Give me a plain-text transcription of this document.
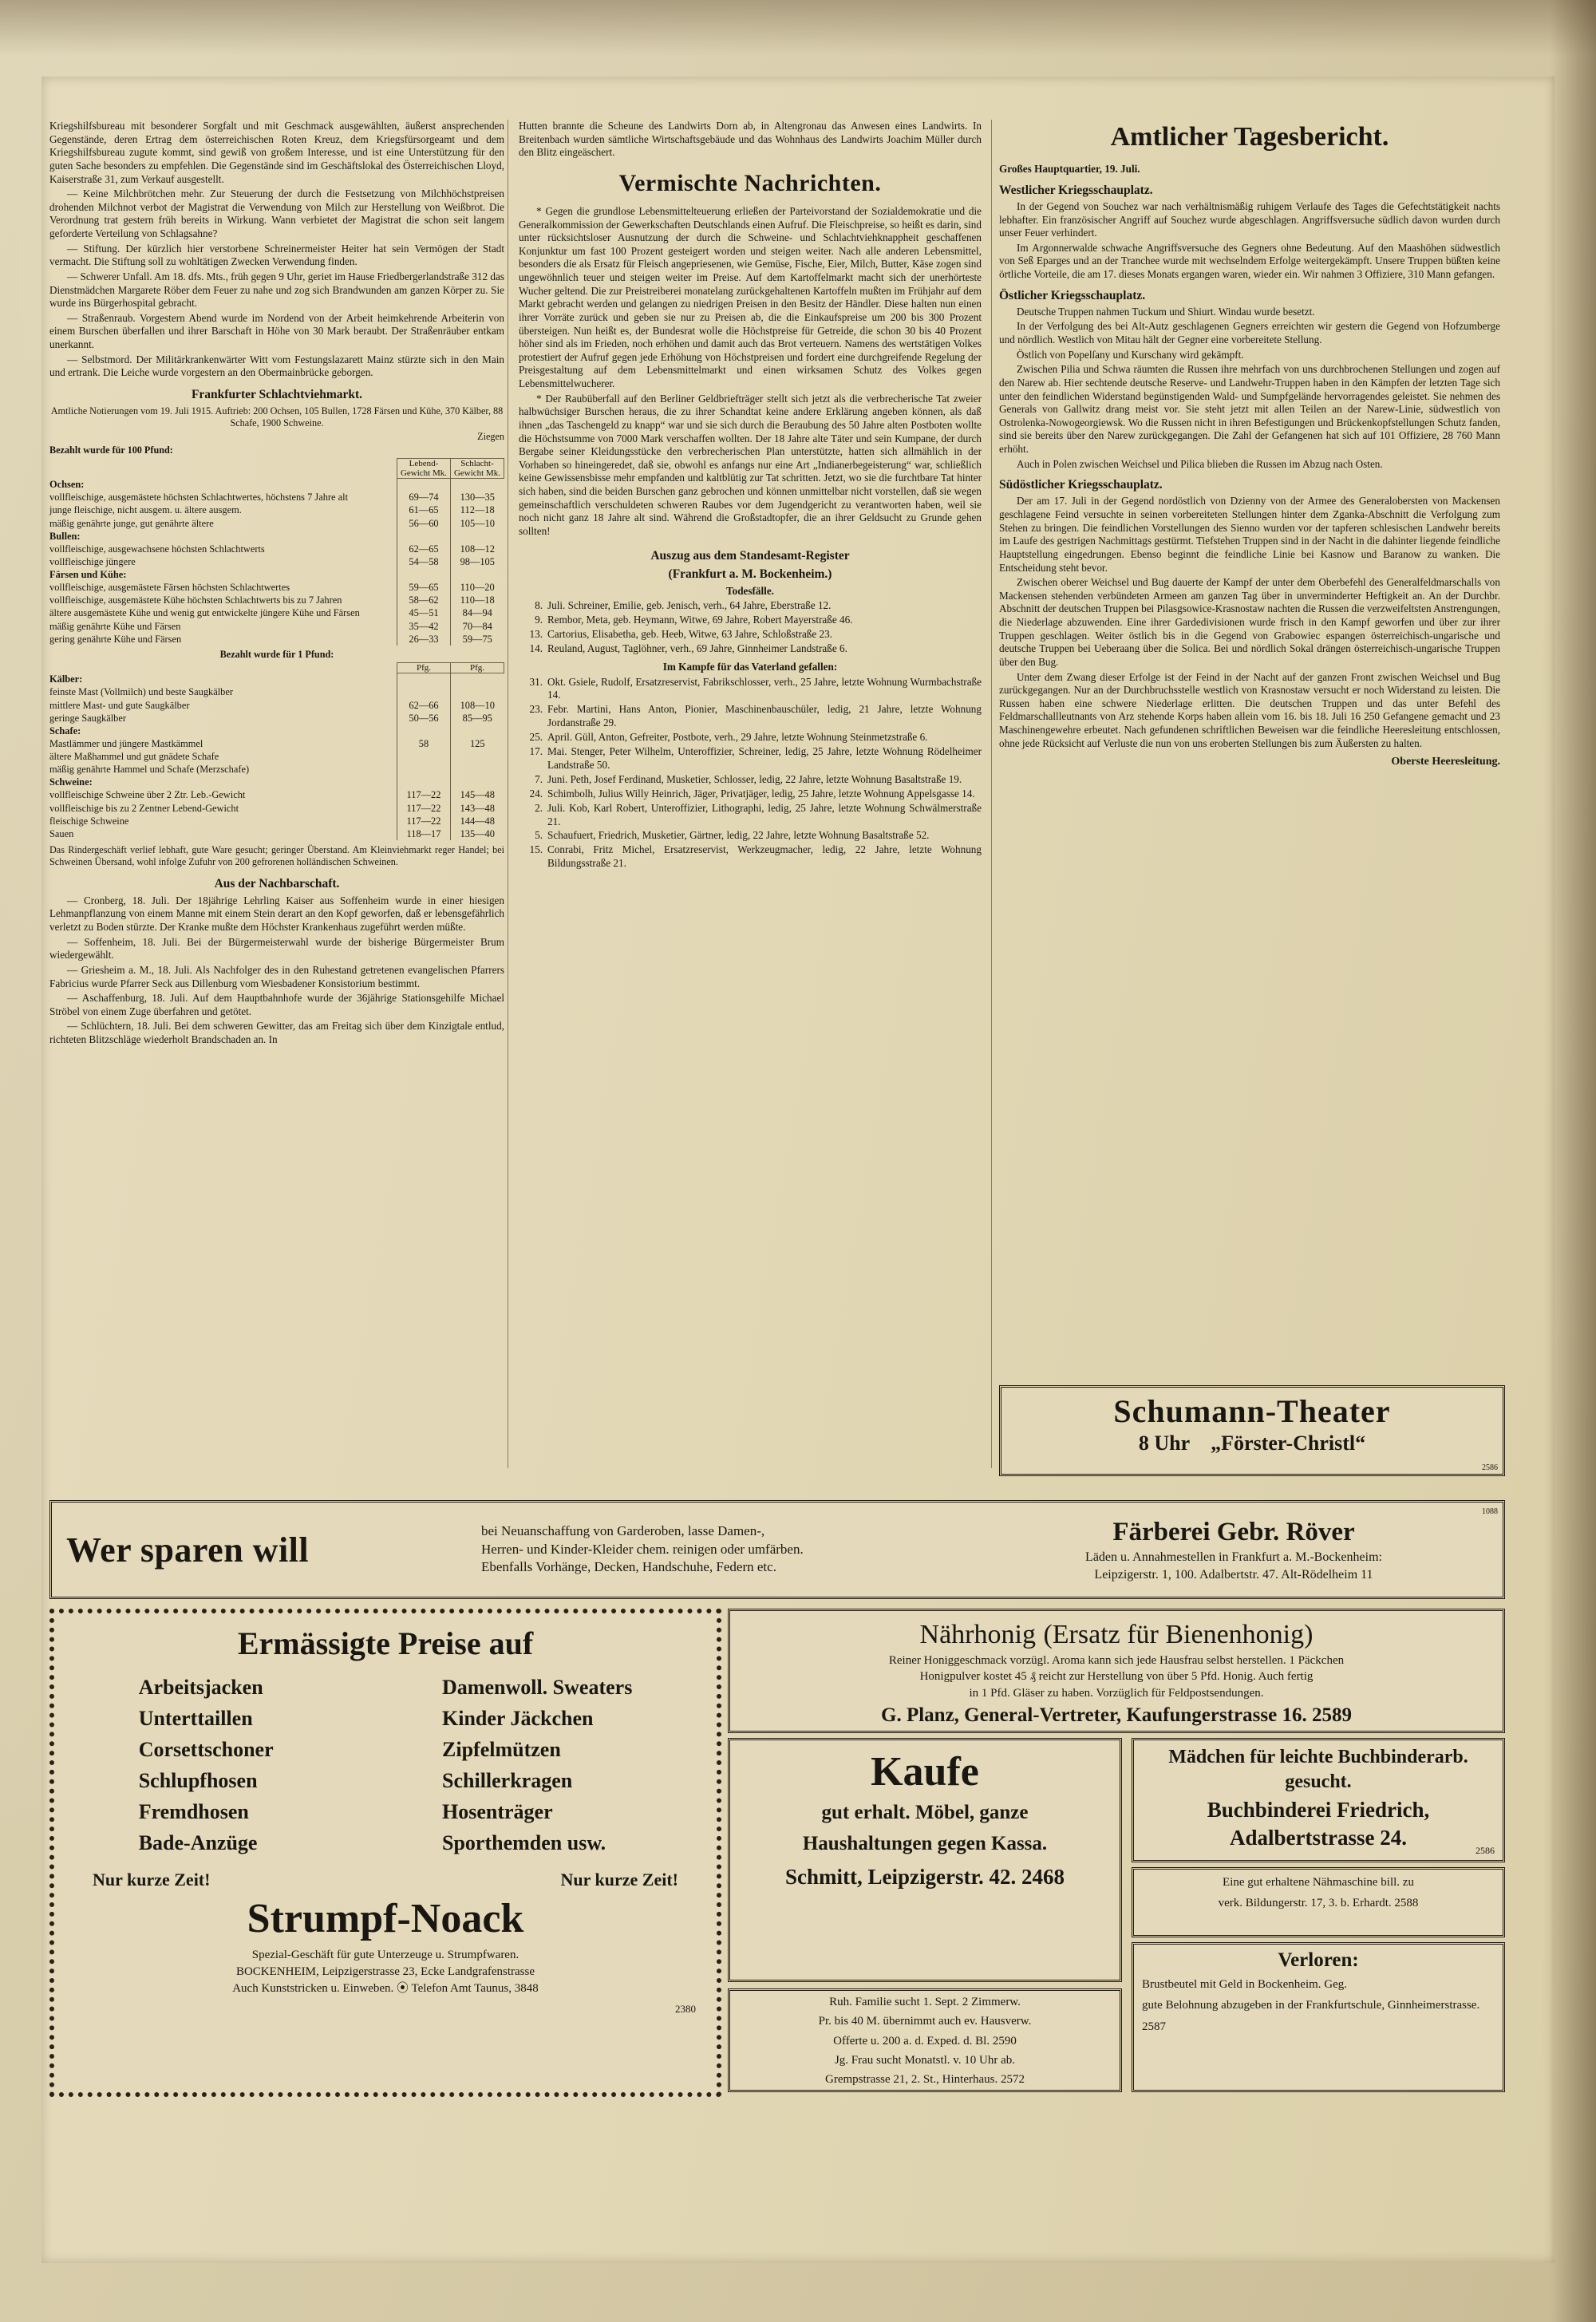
Kriegshilfsbureau mit besonderer Sorgfalt und mit Geschmack ausgewählten, äußerst ansprechenden Gegenstände, deren Ertrag dem österreichischen Roten Kreuz, dem Kriegsfürsorgeamt und dem Kriegshilfsbureau zugute kommt, sind gewiß von großem Interesse, und ist eine Unterstützung für den guten Sache besonders zu empfehlen. Die Gegenstände sind im Geschäftslokal des Österreichischen Lloyd, Kaiserstraße 31, zum Verkauf ausgestellt.

— Keine Milchbrötchen mehr. Zur Steuerung der durch die Festsetzung von Milchhöchstpreisen drohenden Milchnot verbot der Magistrat die Verwendung von Milch zur Herstellung von Weißbrot. Die Verordnung trat gestern früh bereits in Wirkung. Wann verbietet der Magistrat die schon seit langem geforderte Verteilung von Schlagsahne?

— Stiftung. Der kürzlich hier verstorbene Schreinermeister Heiter hat sein Vermögen der Stadt vermacht. Die Stiftung soll zu wohltätigen Zwecken Verwendung finden.

— Schwerer Unfall. Am 18. dfs. Mts., früh gegen 9 Uhr, geriet im Hause Friedbergerlandstraße 312 das Dienstmädchen Margarete Röber dem Feuer zu nahe und zog sich Brandwunden am ganzen Körper zu. Sie wurde ins Bürgerhospital gebracht.

— Straßenraub. Vorgestern Abend wurde im Nordend von der Arbeit heimkehrende Arbeiterin von einem Burschen überfallen und ihrer Barschaft in Höhe von 30 Mark beraubt. Der Straßenräuber entkam unerkannt.

— Selbstmord. Der Militärkrankenwärter Witt vom Festungslazarett Mainz stürzte sich in den Main und ertrank. Die Leiche wurde vorgestern an den Obermainbrücke geborgen.

Frankfurter Schlachtviehmarkt.

Amtliche Notierungen vom 19. Juli 1915. Auftrieb: 200 Ochsen, 105 Bullen, 1728 Färsen und Kühe, 370 Kälber, 88 Schafe, 1900 Schweine.

Ziegen

Bezahlt wurde für 100 Pfund:

	Lebend-Gewicht Mk.	Schlacht-Gewicht Mk.
Ochsen:		
vollfleischige, ausgemästete höchsten Schlachtwertes, höchstens 7 Jahre alt	69—74	130—35
junge fleischige, nicht ausgem. u. ältere ausgem.	61—65	112—18
mäßig genährte junge, gut genährte ältere	56—60	105—10
Bullen:		
vollfleischige, ausgewachsene höchsten Schlachtwerts	62—65	108—12
vollfleischige jüngere	54—58	98—105
Färsen und Kühe:		
vollfleischige, ausgemästete Färsen höchsten Schlachtwertes	59—65	110—20
vollfleischige, ausgemästete Kühe höchsten Schlachtwerts bis zu 7 Jahren	58—62	110—18
ältere ausgemästete Kühe und wenig gut entwickelte jüngere Kühe und Färsen	45—51	84—94
mäßig genährte Kühe und Färsen	35—42	70—84
gering genährte Kühe und Färsen	26—33	59—75

Bezahlt wurde für 1 Pfund:

	Pfg.	Pfg.
Kälber:		
feinste Mast (Vollmilch) und beste Saugkälber		
mittlere Mast- und gute Saugkälber	62—66	108—10
geringe Saugkälber	50—56	85—95
Schafe:		
Mastlämmer und jüngere Mastkämmel	58	125
ältere Maßhammel und gut gnädete Schafe		
mäßig genährte Hammel und Schafe (Merzschafe)		
Schweine:		
vollfleischige Schweine über 2 Ztr. Leb.-Gewicht	117—22	145—48
vollfleischige bis zu 2 Zentner Lebend-Gewicht	117—22	143—48
fleischige Schweine	117—22	144—48
Sauen	118—17	135—40

Das Rindergeschäft verlief lebhaft, gute Ware gesucht; geringer Überstand. Am Kleinviehmarkt reger Handel; bei Schweinen Übersand, wohl infolge Zufuhr von 200 gefrorenen holländischen Schweinen.

Aus der Nachbarschaft.

— Cronberg, 18. Juli. Der 18jährige Lehrling Kaiser aus Soffenheim wurde in einer hiesigen Lehmanpflanzung von einem Manne mit einem Stein derart an den Kopf geworfen, daß er lebensgefährlich verletzt zu Boden stürzte. Der Kranke mußte dem Höchster Krankenhaus zugeführt werden müßte.

— Soffenheim, 18. Juli. Bei der Bürgermeisterwahl wurde der bisherige Bürgermeister Brum wiedergewählt.

— Griesheim a. M., 18. Juli. Als Nachfolger des in den Ruhestand getretenen evangelischen Pfarrers Fabricius wurde Pfarrer Seck aus Dillenburg vom Wiesbadener Konsistorium bestimmt.

— Aschaffenburg, 18. Juli. Auf dem Hauptbahnhofe wurde der 36jährige Stationsgehilfe Michael Ströbel von einem Zuge überfahren und getötet.

— Schlüchtern, 18. Juli. Bei dem schweren Gewitter, das am Freitag sich über dem Kinzigtale entlud, richteten Blitzschläge wiederholt Brandschaden an. In

Hutten brannte die Scheune des Landwirts Dorn ab, in Altengronau das Anwesen eines Landwirts. In Breitenbach wurden sämtliche Wirtschaftsgebäude und das Wohnhaus des Landwirts Joachim Müller durch den Blitz eingeäschert.

Vermischte Nachrichten.

* Gegen die grundlose Lebensmittelteuerung erließen der Parteivorstand der Sozialdemokratie und die Generalkommission der Gewerkschaften Deutschlands einen Aufruf. Die Fleischpreise, so heißt es darin, sind unter rücksichtsloser Ausnutzung der durch die Schweine- und Schlachtviehknappheit geschaffenen Konjunktur um fast 100 Prozent gesteigert worden und steigen weiter. Nach alle anderen Lebensmittel, besonders die als Ersatz für Fleisch angepriesenen, wie Gemüse, Fische, Eier, Milch, Butter, Käse zogen sind ungewöhnlich teuer und steigen weiter im Preise. Auf dem Kartoffelmarkt macht sich der unerhörteste Wucher geltend. Die zur Preistreiberei monatelang zurückgehaltenen Kartoffeln mußten im Frühjahr auf dem Markt gebracht werden und gelangen zu niedrigen Preisen in den Besitz der Händler. Diese halten nun einen ihrer Vorräte zurück und geben sie nur zu Preisen ab, die die Einkaufspreise um 200 bis 300 Prozent übersteigen. Nun heißt es, der Bundesrat wolle die Höchstpreise für Getreide, die schon 30 bis 40 Prozent höher sind als im Frieden, noch erhöhen und damit auch das Brot verteuern. Namens des wertstätigen Volkes protestiert der Aufruf gegen jede Erhöhung von Höchstpreisen und fordert eine durchgreifende Regelung der Preisgestaltung auf dem Lebensmittelmarkt und einen wirksamen Schutz des Volkes gegen Lebensmittelwucherer.

* Der Raubüberfall auf den Berliner Geldbriefträger stellt sich jetzt als die verbrecherische Tat zweier halbwüchsiger Burschen heraus, die zu ihrer Schandtat keine andere Erklärung angeben können, als daß ihnen „das Taschengeld zu knapp“ war und sie sich durch die Beraubung des 50 Jahre alten Postboten wollte die Höchstsumme von 7000 Mark verschaffen wollten. Der 18 Jahre alte Täter und sein Kumpane, der durch Bergabe seiner Kleidungsstücke den verbrecherischen Plan unterstützte, hatten sich allmählich in der Vorhaben so hineingeredet, daß sie, obwohl es anfangs nur eine Art „Indianerbegeisterung“ war, schließlich keine Gewissensbisse mehr empfanden und kaltblütig zur Tat schritten. Jetzt, wo sie die furchtbare Tat hinter sich haben, sind die beiden Burschen ganz gebrochen und können unmittelbar nicht vorstellen, daß sie wegen gemeinschaftlich verschuldeten schweren Raubes vor dem Jugendgericht zu verantworten haben, weil sie noch nicht ganz 18 Jahre alt sind. Während die Großstadtopfer, die an ihrer Geldsucht zu Grunde gehen sollten!

Auszug aus dem Standesamt-Register

(Frankfurt a. M. Bockenheim.)

Todesfälle.

8. Juli. Schreiner, Emilie, geb. Jenisch, verh., 64 Jahre, Eberstraße 12.
9. Rembor, Meta, geb. Heymann, Witwe, 69 Jahre, Robert Mayerstraße 46.
13. Cartorius, Elisabetha, geb. Heeb, Witwe, 63 Jahre, Schloßstraße 23.
14. Reuland, August, Taglöhner, verh., 69 Jahre, Ginnheimer Landstraße 6.

Im Kampfe für das Vaterland gefallen:

31. Okt. Gsiele, Rudolf, Ersatzreservist, Fabrikschlosser, verh., 25 Jahre, letzte Wohnung Wurmbachstraße 14.
23. Febr. Martini, Hans Anton, Pionier, Maschinenbauschüler, ledig, 21 Jahre, letzte Wohnung Jordanstraße 29.
25. April. Güll, Anton, Gefreiter, Postbote, verh., 29 Jahre, letzte Wohnung Steinmetzstraße 6.
17. Mai. Stenger, Peter Wilhelm, Unteroffizier, Schreiner, ledig, 25 Jahre, letzte Wohnung Rödelheimer Landstraße 50.
7. Juni. Peth, Josef Ferdinand, Musketier, Schlosser, ledig, 22 Jahre, letzte Wohnung Basaltstraße 19.
24. Schimbolh, Julius Willy Heinrich, Jäger, Privatjäger, ledig, 25 Jahre, letzte Wohnung Appelsgasse 14.
2. Juli. Kob, Karl Robert, Unteroffizier, Lithographi, ledig, 25 Jahre, letzte Wohnung Schwälmerstraße 21.
5. Schaufuert, Friedrich, Musketier, Gärtner, ledig, 22 Jahre, letzte Wohnung Basaltstraße 52.
15. Conrabi, Fritz Michel, Ersatzreservist, Werkzeugmacher, ledig, 22 Jahre, letzte Wohnung Bildungsstraße 21.

Amtlicher Tagesbericht.

Großes Hauptquartier, 19. Juli.

Westlicher Kriegsschauplatz.

In der Gegend von Souchez war nach verhältnismäßig ruhigem Verlaufe des Tages die Gefechtstätigkeit nachts lebhafter. Ein französischer Angriff auf Souchez wurde abgeschlagen. Angriffsversuche südlich davon wurden durch unser Feuer verhindert.

Im Argonnerwalde schwache Angriffsversuche des Gegners ohne Bedeutung. Auf den Maashöhen südwestlich von Seß Eparges und an der Tranchee wurde mit wechselndem Erfolge weitergekämpft. Unsere Truppen büßten keine örtliche Vorteile, die am 17. dieses Monats ergangen waren, wieder ein. Wir nahmen 3 Offiziere, 310 Mann gefangen.

Östlicher Kriegsschauplatz.

Deutsche Truppen nahmen Tuckum und Shiurt. Windau wurde besetzt.

In der Verfolgung des bei Alt-Autz geschlagenen Gegners erreichten wir gestern die Gegend von Hofzumberge und nördlich. Westlich von Mitau hält der Gegner eine vorbereitete Stellung.

Östlich von Popelſany und Kurschany wird gekämpft.

Zwischen Pilia und Schwa räumten die Russen ihre mehrfach von uns durchbrochenen Stellungen und zogen auf den Narew ab. Hier sechtende deutsche Reserve- und Landwehr-Truppen haben in den Kämpfen der letzten Tage sich unter den feindlichen Widerstand begünstigenden Wald- und Sumpfgelände hervorragendes geleistet. Sie nehmen des Generals von Gallwitz drang meist vor. Sie steht jetzt mit allen Teilen an der Narew-Linie, südwestlich von Ostrolenka-Nowogeorgiewsk. Wo die Russen nicht in ihren Befestigungen und Brückenkopfstellungen Schutz fanden, sind sie bereits über den Narew zurückgegangen. Die Zahl der Gefangenen hat sich auf 101 Offiziere, 28 760 Mann erhöht.

Auch in Polen zwischen Weichsel und Pilica blieben die Russen im Abzug nach Osten.

Südöstlicher Kriegsschauplatz.

Der am 17. Juli in der Gegend nordöstlich von Dzienny von der Armee des Generalobersten von Mackensen geschlagene Feind versuchte in seinen vorbereiteten Stellungen hinter dem Zganka-Abschnitt die Verfolgung zum Stehen zu bringen. Die feindlichen Vorstellungen des Sienno wurden vor der tapferen schlesischen Landwehr bereits im Laufe des gestrigen Nachmittags gestürmt. Tiefstehen Truppen sind in der Nacht in die dahinter liegende feindliche Hauptstellung eingedrungen. Ebenso beginnt die feindliche Linie bei Kasnow und Baranow zu wanken. Die Entscheidung steht bevor.

Zwischen oberer Weichsel und Bug dauerte der Kampf der unter dem Oberbefehl des Generalfeldmarschalls von Mackensen stehenden verbündeten Armeen am ganzen Tag über in unverminderter Heftigkeit an. An der Durchbr. Abschnitt der deutschen Truppen bei Pilasgsowice-Krasnostaw nachten die Russen die verzweifeltsten Anstrengungen, die Niederlage abzuwenden. Eine ihrer Gardedivisionen wurde frisch in den Kampf geworfen und über zur ihrer Truppen geschlagen. Weiter östlich bis in die Gegend von Grabowiec espangen österreichisch-ungarische und deutsche Truppen bei Ueberaang über die Solica. Bei und nördlich Sokal drängen österreichisch-ungarische Truppen über den Bug.

Unter dem Zwang dieser Erfolge ist der Feind in der Nacht auf der ganzen Front zwischen Weichsel und Bug zurückgegangen. Nur an der Durchbruchsstelle westlich von Krasnostaw versucht er noch Widerstand zu leisten. Die Russen haben eine schwere Niederlage erlitten. Die deutschen Truppen und das unter Befehl des Feldmarschallleutnants von Arz stehende Korps haben allein vom 16. bis 18. Juli 16 250 Gefangene gemacht und 23 Maschinengewehre erbeutet. Nach gefundenen schriftlichen Beweisen war die feindliche Heeresleitung entschlossen, ohne jede Rücksicht auf Verluste die nun von uns eroberten Stellungen bis zum Äußersten zu halten.

Oberste Heeresleitung.

Schumann-Theater
8 Uhr „Förster-Christl“
2586
Wer sparen will	bei Neuanschaffung von Garderoben, lasse Damen-,
Herren- und Kinder-Kleider chem. reinigen oder umfärben.
Ebenfalls Vorhänge, Decken, Handschuhe, Federn etc.
Färberei Gebr. Röver
Läden u. Annahmestellen in Frankfurt a. M.-Bockenheim:
Leipzigerstr. 1, 100. Adalbertstr. 47. Alt-Rödelheim 11
1088
Ermässigte Preise auf
Arbeitsjacken
Unterttaillen
Corsettschoner
Schlupfhosen
Fremdhosen
Bade-Anzüge
Damenwoll. Sweaters
Kinder Jäckchen
Zipfelmützen
Schillerkragen
Hosenträger
Sporthemden usw.
Nur kurze Zeit!	Nur kurze Zeit!
Strumpf-Noack
Spezial-Geschäft für gute Unterzeuge u. Strumpfwaren.
BOCKENHEIM, Leipzigerstrasse 23, Ecke Landgrafenstrasse
Auch Kunststricken u. Einweben. ⦿ Telefon Amt Taunus, 3848
2380
Nährhonig (Ersatz für Bienenhonig)
Reiner Honiggeschmack vorzügl. Aroma kann sich jede Hausfrau selbst herstellen. 1 Päckchen
Honigpulver kostet 45 ₰ reicht zur Herstellung von über 5 Pfd. Honig. Auch fertig
in 1 Pfd. Gläser zu haben. Vorzüglich für Feldpostsendungen.
G. Planz, General-Vertreter, Kaufungerstrasse 16. 2589
Kaufe
gut erhalt. Möbel, ganze
Haushaltungen gegen Kassa.
Schmitt, Leipzigerstr. 42. 2468

Ruh. Familie sucht 1. Sept. 2 Zimmerw.

Pr. bis 40 M. übernimmt auch ev. Hausverw.

Offerte u. 200 a. d. Exped. d. Bl. 2590

Jg. Frau sucht Monatstl. v. 10 Uhr ab.

Grempstrasse 21, 2. St., Hinterhaus. 2572

Mädchen für leichte Buchbinderarb. gesucht.
Buchbinderei Friedrich,
Adalbertstrasse 24.
2586

Eine gut erhaltene Nähmaschine bill. zu

verk. Bildungerstr. 17, 3. b. Erhardt. 2588

Verloren:

Brustbeutel mit Geld in Bockenheim. Geg.

gute Belohnung abzugeben in der Frankfurtschule, Ginnheimerstrasse.

2587
